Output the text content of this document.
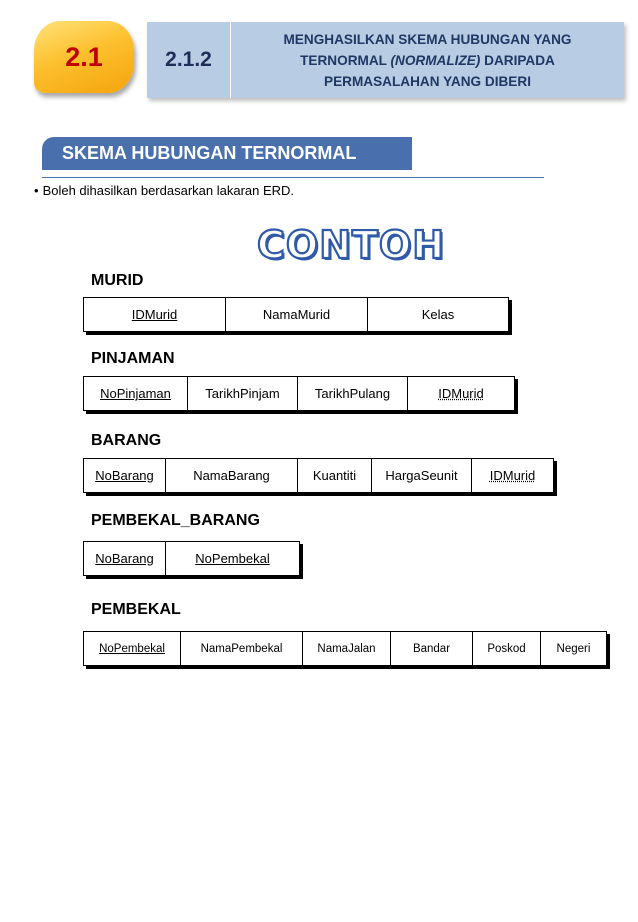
2.1.2
MENGHASILKAN SKEMA HUBUNGAN YANG
TERNORMAL (NORMALIZE) DARIPADA
PERMASALAHAN YANG DIBERI
2.1
SKEMA HUBUNGAN TERNORMAL
• Boleh dihasilkan berdasarkan lakaran ERD.
CONTOH
MURID
IDMurid	NamaMurid	Kelas
PINJAMAN
NoPinjaman	TarikhPinjam	TarikhPulang	IDMurid
BARANG
NoBarang	NamaBarang	Kuantiti	HargaSeunit	IDMurid
PEMBEKAL_BARANG
NoBarang	NoPembekal
PEMBEKAL
NoPembekal	NamaPembekal	NamaJalan	Bandar	Poskod	Negeri
